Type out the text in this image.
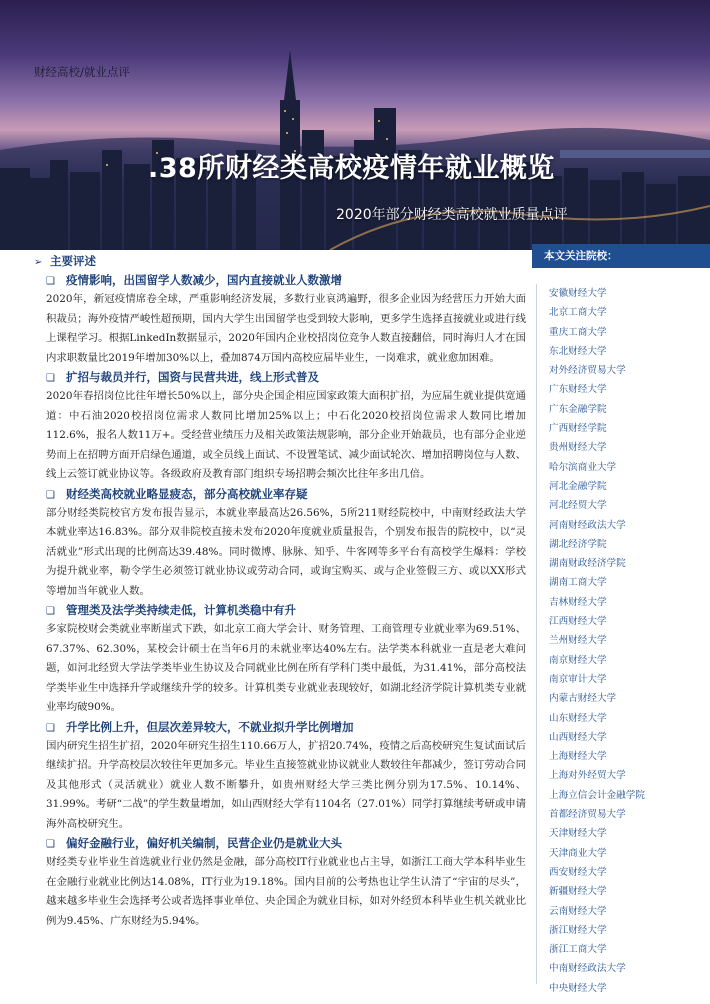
财经高校/就业点评
.38所财经类高校疫情年就业概览
2020年部分财经类高校就业质量点评
➢ 主要评述
❑ 疫情影响，出国留学人数减少，国内直接就业人数激增

2020年，新冠疫情席卷全球，严重影响经济发展，多数行业哀鸿遍野，很多企业因为经营压力开始大面积裁员；海外疫情严峻性超预期，国内大学生出国留学也受到较大影响，更多学生选择直接就业或进行线上课程学习。根据LinkedIn数据显示，2020年国内企业校招岗位竞争人数直接翻倍，同时海归人才在国内求职数量比2019年增加30%以上，叠加874万国内高校应届毕业生，一岗难求，就业愈加困难。

❑ 扩招与裁员并行，国资与民营共进，线上形式普及

2020年春招岗位比往年增长50%以上，部分央企国企相应国家政策大面积扩招，为应届生就业提供宽通道：中石油2020校招岗位需求人数同比增加25%以上；中石化2020校招岗位需求人数同比增加112.6%，报名人数11万+。受经营业绩压力及相关政策法规影响，部分企业开始裁员，也有部分企业逆势而上在招聘方面开启绿色通道，或全员线上面试、不设置笔试、减少面试轮次、增加招聘岗位与人数、线上云签订就业协议等。各级政府及教育部门组织专场招聘会频次比往年多出几倍。

❑ 财经类高校就业略显疲态，部分高校就业率存疑

部分财经类院校官方发布报告显示，本就业率最高达26.56%，5所211财经院校中，中南财经政法大学本就业率达16.83%。部分双非院校直接未发布2020年度就业质量报告，个别发布报告的院校中，以“灵活就业”形式出现的比例高达39.48%。同时微博、脉脉、知乎、牛客网等多平台有高校学生爆料：学校为提升就业率，勒令学生必须签订就业协议或劳动合同，或询宝购买、或与企业签假三方、或以XX形式等增加当年就业人数。

❑ 管理类及法学类持续走低，计算机类稳中有升

多家院校财会类就业率断崖式下跌，如北京工商大学会计、财务管理、工商管理专业就业率为69.51%、67.37%、62.30%，某校会计硕士在当年6月的未就业率达40%左右。法学类本科就业一直是老大难问题，如河北经贸大学法学类毕业生协议及合同就业比例在所有学科门类中最低，为31.41%，部分高校法学类毕业生中选择升学或继续升学的较多。计算机类专业就业表现较好，如湖北经济学院计算机类专业就业率均破90%。

❑ 升学比例上升，但层次差异较大，不就业拟升学比例增加

国内研究生招生扩招，2020年研究生招生110.66万人，扩招20.74%，疫情之后高校研究生复试面试后继续扩招。升学高校层次较往年更加多元。毕业生直接签就业协议就业人数较往年都减少，签订劳动合同及其他形式（灵活就业）就业人数不断攀升，如贵州财经大学三类比例分别为17.5%、10.14%、31.99%。考研“二战”的学生数量增加，如山西财经大学有1104名（27.01%）同学打算继续考研或申请海外高校研究生。

❑ 偏好金融行业，偏好机关编制，民营企业仍是就业大头

财经类专业毕业生首选就业行业仍然是金融，部分高校IT行业就业也占主导，如浙江工商大学本科毕业生在金融行业就业比例达14.08%，IT行业为19.18%。国内目前的公考热也让学生认清了“宇宙的尽头”，越来越多毕业生会选择考公或者选择事业单位、央企国企为就业目标，如对外经贸本科毕业生机关就业比例为9.45%、广东财经为5.94%。

本文关注院校：
安徽财经大学
北京工商大学
重庆工商大学
东北财经大学
对外经济贸易大学
广东财经大学
广东金融学院
广西财经学院
贵州财经大学
哈尔滨商业大学
河北金融学院
河北经贸大学
河南财经政法大学
湖北经济学院
湖南财政经济学院
湖南工商大学
吉林财经大学
江西财经大学
兰州财经大学
南京财经大学
南京审计大学
内蒙古财经大学
山东财经大学
山西财经大学
上海财经大学
上海对外经贸大学
上海立信会计金融学院
首都经济贸易大学
天津财经大学
天津商业大学
西安财经大学
新疆财经大学
云南财经大学
浙江财经大学
浙江工商大学
中南财经政法大学
中央财经大学
